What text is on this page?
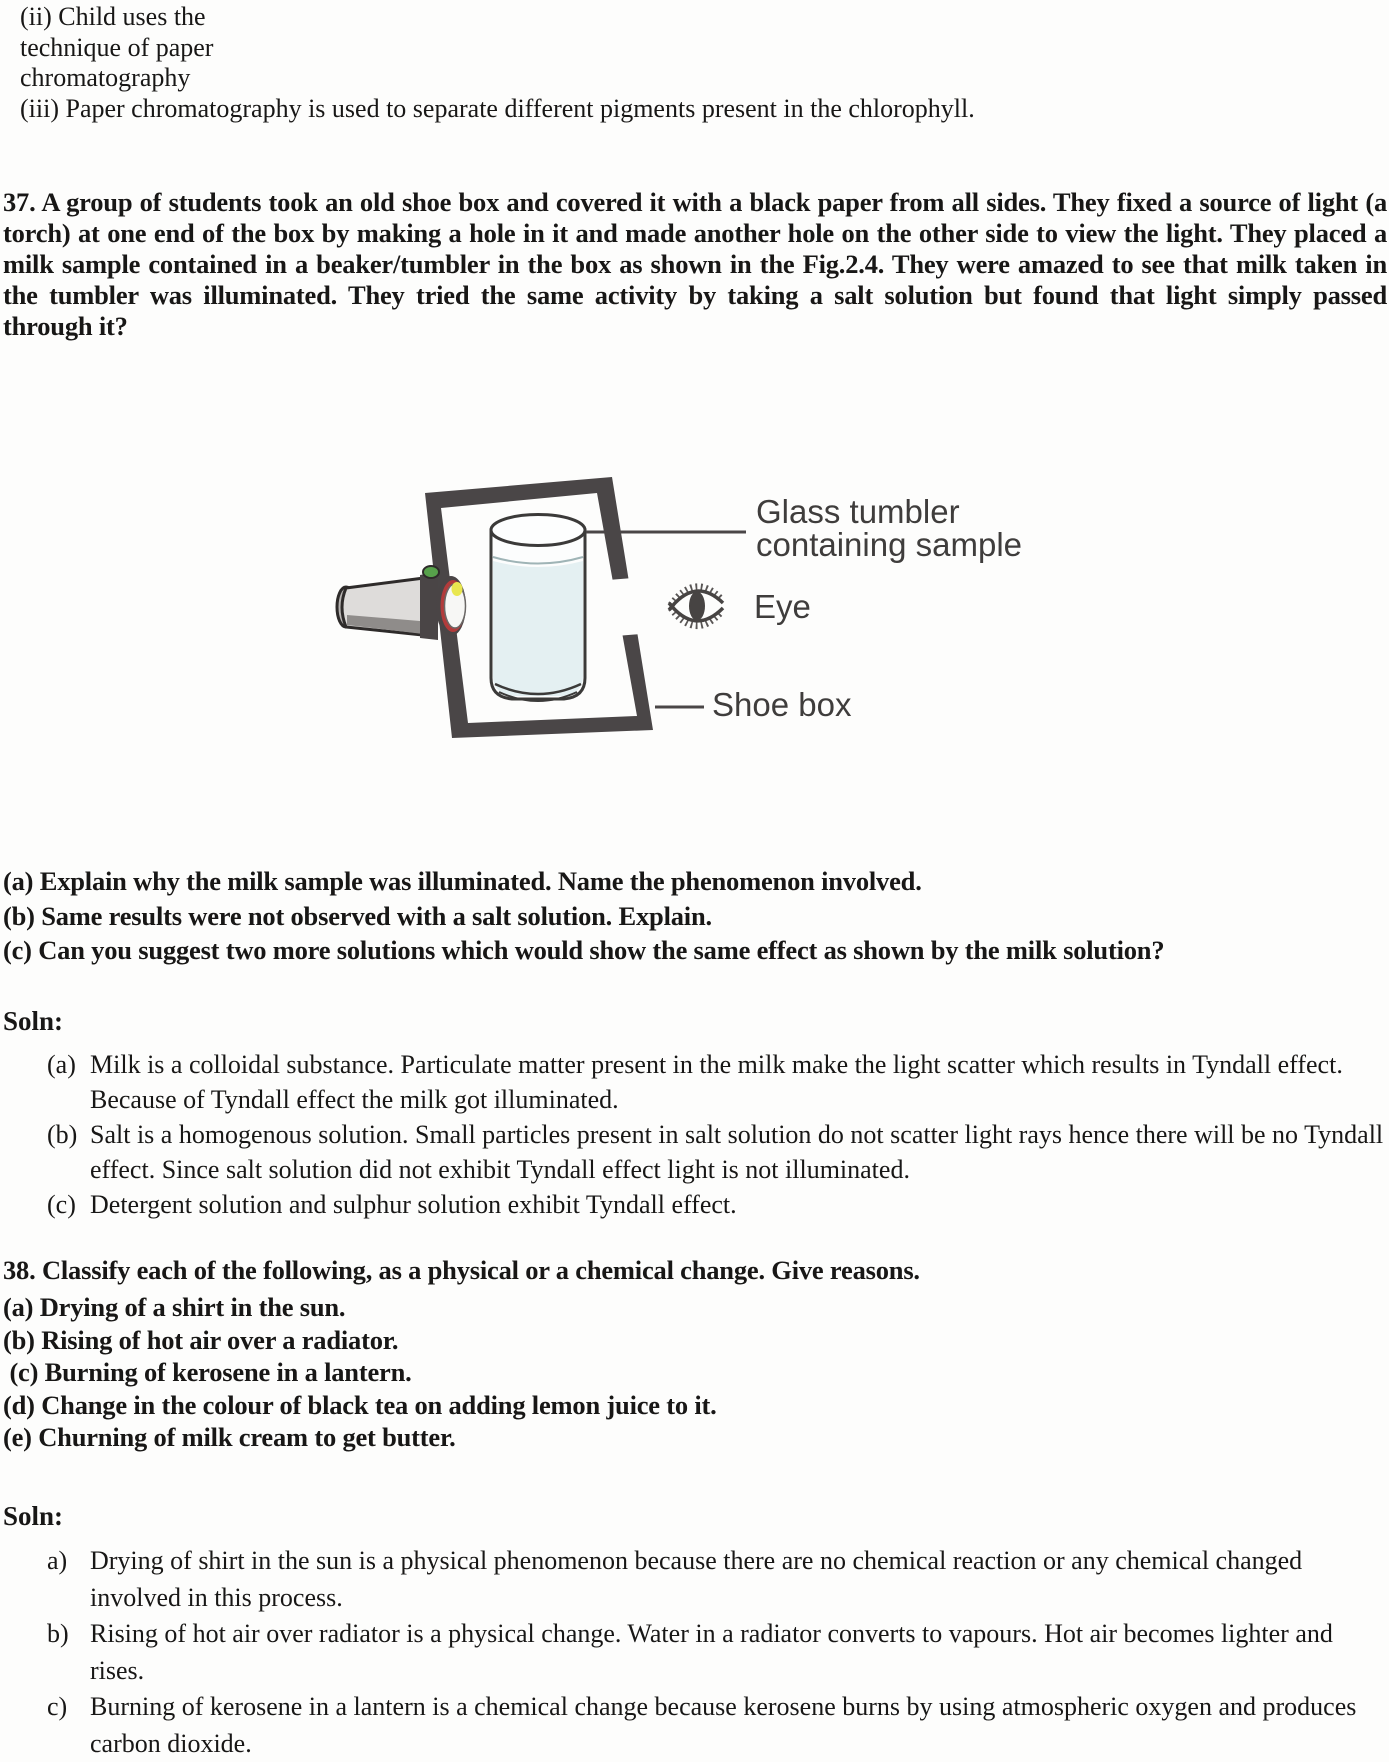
(ii) Child uses the
technique of paper
chromatography
(iii) Paper chromatography is used to separate different pigments present in the chlorophyll.

37. A group of students took an old shoe box and covered it with a black paper from all sides. They fixed a source of light (a torch) at one end of the box by making a hole in it and made another hole on the other side to view the light. They placed a milk sample contained in a beaker/tumbler in the box as shown in the Fig.2.4. They were amazed to see that milk taken in the tumbler was illuminated. They tried the same activity by taking a salt solution but found that light simply passed through it?

Glass tumbler
containing sample
Eye
Shoe box
(a) Explain why the milk sample was illuminated. Name the phenomenon involved.
(b) Same results were not observed with a salt solution. Explain.
(c) Can you suggest two more solutions which would show the same effect as shown by the milk solution?
Soln:
(a) Milk is a colloidal substance. Particulate matter present in the milk make the light scatter which results in Tyndall effect. Because of Tyndall effect the milk got illuminated.
(b) Salt is a homogenous solution. Small particles present in salt solution do not scatter light rays hence there will be no Tyndall effect. Since salt solution did not exhibit Tyndall effect light is not illuminated.
(c) Detergent solution and sulphur solution exhibit Tyndall effect.
38. Classify each of the following, as a physical or a chemical change. Give reasons.
(a) Drying of a shirt in the sun.
(b) Rising of hot air over a radiator.
(c) Burning of kerosene in a lantern.
(d) Change in the colour of black tea on adding lemon juice to it.
(e) Churning of milk cream to get butter.
Soln:
a) Drying of shirt in the sun is a physical phenomenon because there are no chemical reaction or any chemical changed involved in this process.
b) Rising of hot air over radiator is a physical change. Water in a radiator converts to vapours. Hot air becomes lighter and rises.
c) Burning of kerosene in a lantern is a chemical change because kerosene burns by using atmospheric oxygen and produces carbon dioxide.
